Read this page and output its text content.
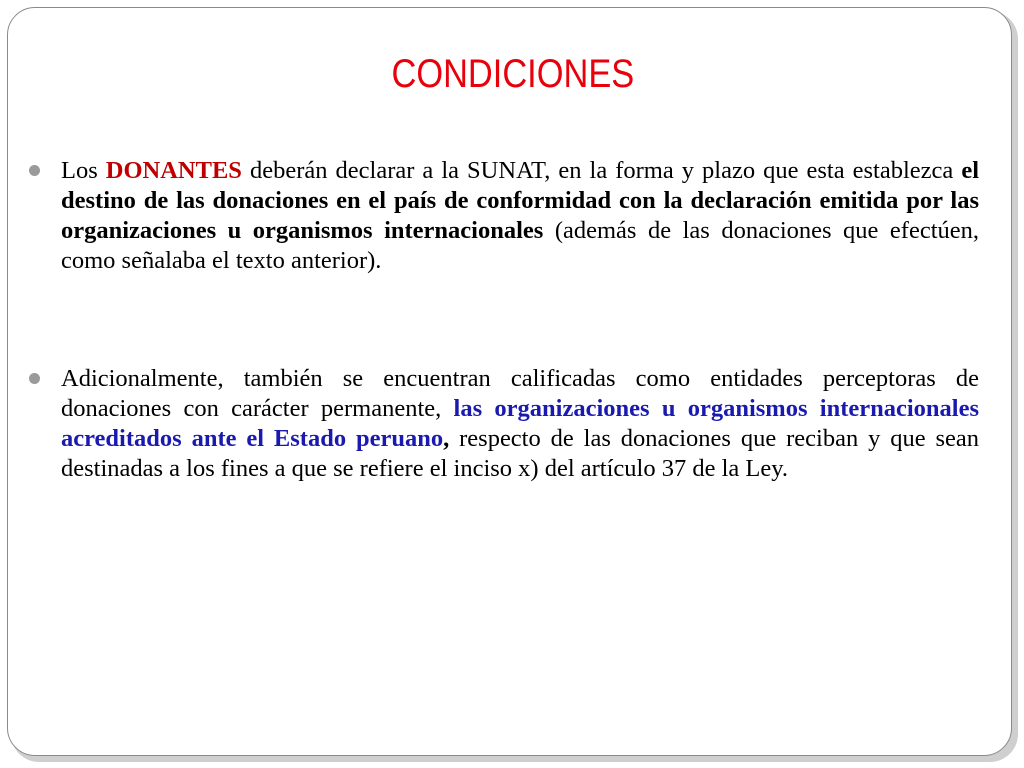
CONDICIONES
Los DONANTES deberán declarar a la SUNAT, en la forma y plazo que esta establezca el destino de las donaciones en el país de conformidad con la declaración emitida por las organizaciones u organismos internacionales (además de las donaciones que efectúen, como señalaba el texto anterior).
Adicionalmente, también se encuentran calificadas como entidades perceptoras de donaciones con carácter permanente, las organizaciones u organismos internacionales acreditados ante el Estado peruano, respecto de las donaciones que reciban y que sean destinadas a los fines a que se refiere el inciso x) del artículo 37 de la Ley.
